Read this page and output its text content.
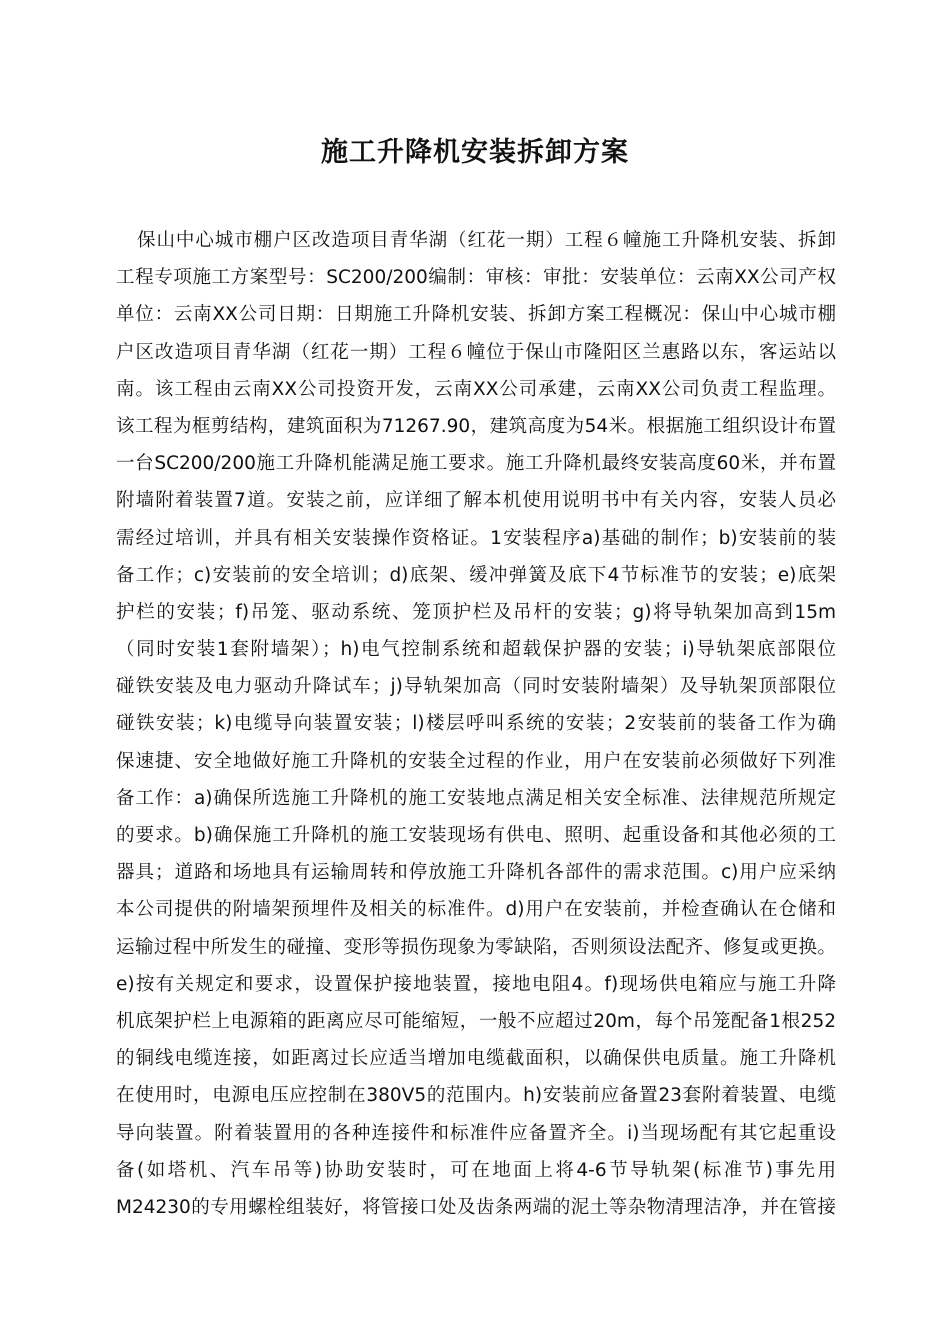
施工升降机安装拆卸方案
保山中心城市棚户区改造项目青华湖（红花一期）工程６幢施工升降机安装、拆卸
工程专项施工方案型号：SC200/200编制：审核：审批：安装单位：云南XX公司产权
单位：云南XX公司日期：日期施工升降机安装、拆卸方案工程概况：保山中心城市棚
户区改造项目青华湖（红花一期）工程６幢位于保山市隆阳区兰惠路以东，客运站以
南。该工程由云南XX公司投资开发，云南XX公司承建，云南XX公司负责工程监理。
该工程为框剪结构，建筑面积为71267.90，建筑高度为54米。根据施工组织设计布置
一台SC200/200施工升降机能满足施工要求。施工升降机最终安装高度60米，并布置
附墙附着装置7道。安装之前，应详细了解本机使用说明书中有关内容，安装人员必
需经过培训，并具有相关安装操作资格证。1安装程序a)基础的制作；b)安装前的装
备工作；c)安装前的安全培训；d)底架、缓冲弹簧及底下4节标准节的安装；e)底架
护栏的安装；f)吊笼、驱动系统、笼顶护栏及吊杆的安装；g)将导轨架加高到15m
（同时安装1套附墙架）；h)电气控制系统和超载保护器的安装；i)导轨架底部限位
碰铁安装及电力驱动升降试车；j)导轨架加高（同时安装附墙架）及导轨架顶部限位
碰铁安装；k)电缆导向装置安装；l)楼层呼叫系统的安装；2安装前的装备工作为确
保速捷、安全地做好施工升降机的安装全过程的作业，用户在安装前必须做好下列准
备工作：a)确保所选施工升降机的施工安装地点满足相关安全标准、法律规范所规定
的要求。b)确保施工升降机的施工安装现场有供电、照明、起重设备和其他必须的工
器具；道路和场地具有运输周转和停放施工升降机各部件的需求范围。c)用户应采纳
本公司提供的附墙架预埋件及相关的标准件。d)用户在安装前，并检查确认在仓储和
运输过程中所发生的碰撞、变形等损伤现象为零缺陷，否则须设法配齐、修复或更换。
e)按有关规定和要求，设置保护接地装置，接地电阻4。f)现场供电箱应与施工升降
机底架护栏上电源箱的距离应尽可能缩短，一般不应超过20m，每个吊笼配备1根252
的铜线电缆连接，如距离过长应适当增加电缆截面积，以确保供电质量。施工升降机
在使用时，电源电压应控制在380V5的范围内。h)安装前应备置23套附着装置、电缆
导向装置。附着装置用的各种连接件和标准件应备置齐全。i)当现场配有其它起重设
备(如塔机、汽车吊等)协助安装时，可在地面上将4-6节导轨架(标准节)事先用
M24230的专用螺栓组装好，将管接口处及齿条两端的泥土等杂物清理洁净，并在管接
